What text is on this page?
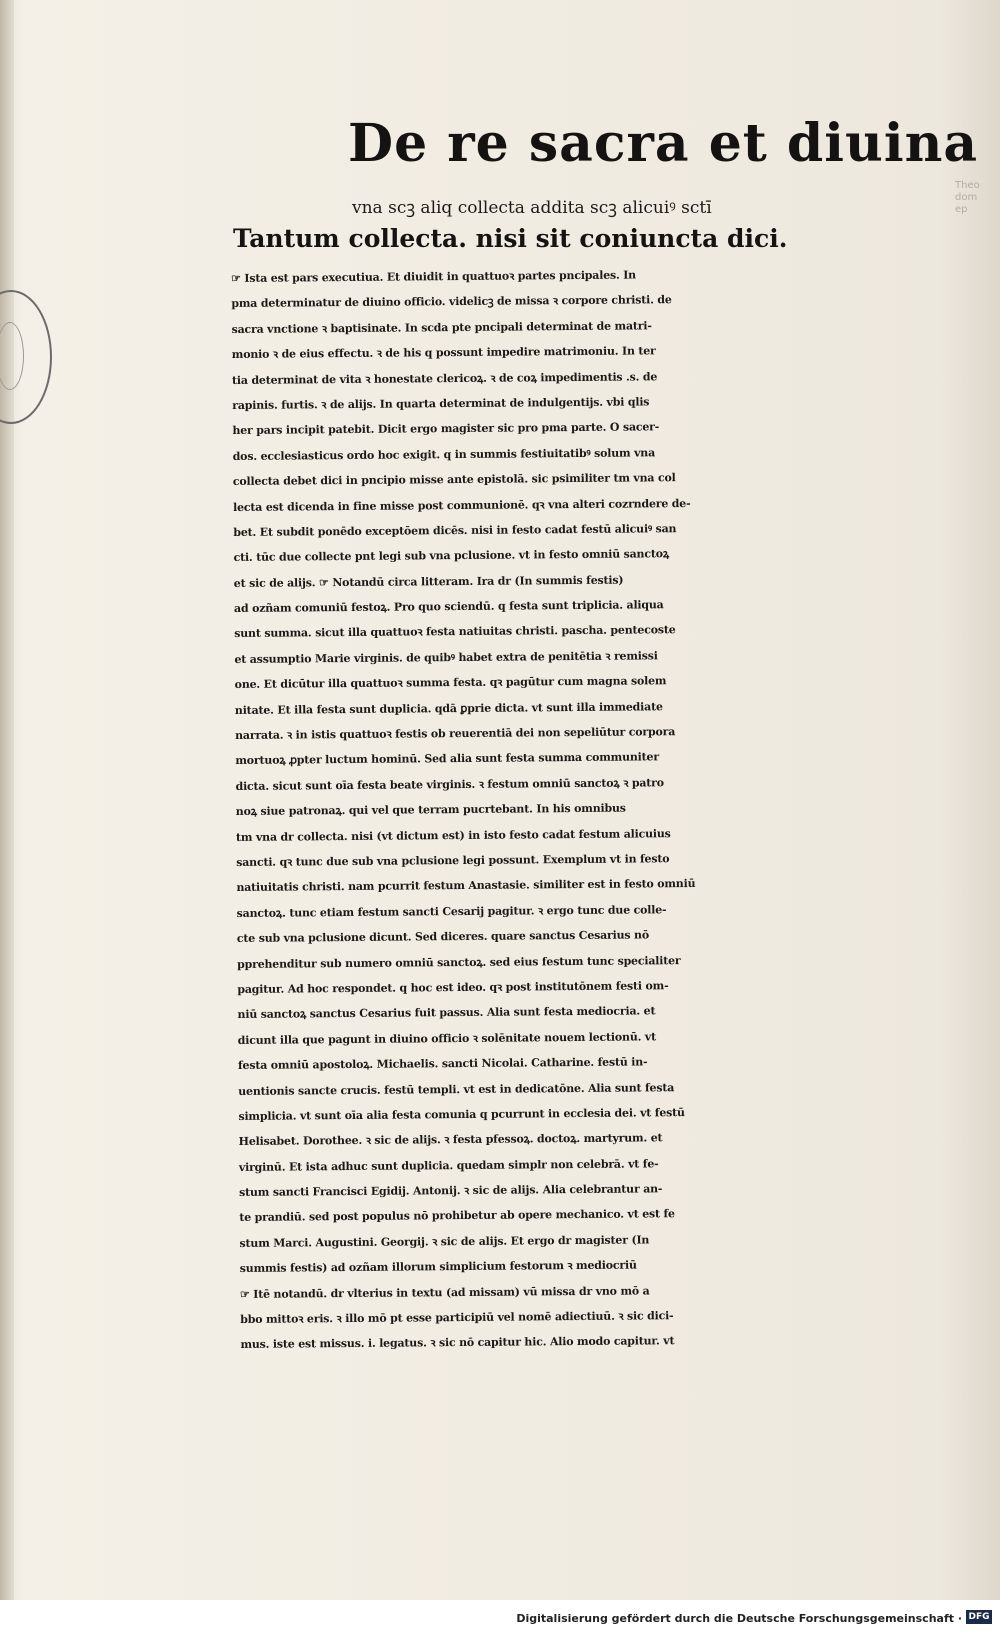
Theo
dom
ep
De re sacra et diuina
vna scꝫ aliq collecta addita scꝫ alicuiꝰ sctī
Tantum collecta. nisi sit coniuncta dici.
☞ Ista est pars executiua. Et diuidit in quattuoꝛ partes pncipales. In
pma determinatur de diuino officio. videlicꝫ de missa ꝛ corpore christi. de
sacra vnctione ꝛ baptisinate. In scda pte pncipali determinat de matri-
monio ꝛ de eius effectu. ꝛ de his q possunt impedire matrimoniu. In ter
tia determinat de vita ꝛ honestate clericoꝝ. ꝛ de coꝝ impedimentis .s. de
rapinis. furtis. ꝛ de alijs. In quarta determinat de indulgentijs. vbi qlis
her pars incipit patebit. Dicit ergo magister sic pro pma parte. O sacer-
dos. ecclesiasticus ordo hoc exigit. q in summis festiuitatibꝰ solum vna
collecta debet dici in pncipio misse ante epistolā. sic psimiliter tm vna col
lecta est dicenda in fine misse post communionē. qꝛ vna alteri cozrndere de-
bet. Et subdit ponēdo exceptōem dicēs. nisi in festo cadat festū alicuiꝰ san
cti. tūc due collecte pnt legi sub vna pclusione. vt in festo omniū sanctoꝝ
et sic de alijs. ☞ Notandū circa litteram. Ira dr (In summis festis)
ad ozñam comuniū festoꝝ. Pro quo sciendū. q festa sunt triplicia. aliqua
sunt summa. sicut illa quattuoꝛ festa natiuitas christi. pascha. pentecoste
et assumptio Marie virginis. de quibꝰ habet extra de penitētia ꝛ remissi
one. Et dicūtur illa quattuoꝛ summa festa. qꝛ pagūtur cum magna solem
nitate. Et illa festa sunt duplicia. qdā ꝑprie dicta. vt sunt illa immediate
narrata. ꝛ in istis quattuoꝛ festis ob reuerentiā dei non sepeliūtur corpora
mortuoꝝ ꝓpter luctum hominū. Sed alia sunt festa summa communiter
dicta. sicut sunt oīa festa beate virginis. ꝛ festum omniū sanctoꝝ ꝛ patro
noꝝ siue patronaꝝ. qui vel que terram pucrtebant. In his omnibus
tm vna dr collecta. nisi (vt dictum est) in isto festo cadat festum alicuius
sancti. qꝛ tunc due sub vna pclusione legi possunt. Exemplum vt in festo
natiuitatis christi. nam pcurrit festum Anastasie. similiter est in festo omniū
sanctoꝝ. tunc etiam festum sancti Cesarij pagitur. ꝛ ergo tunc due colle-
cte sub vna pclusione dicunt. Sed diceres. quare sanctus Cesarius nō
pprehenditur sub numero omniū sanctoꝝ. sed eius festum tunc specialiter
pagitur. Ad hoc respondet. q hoc est ideo. qꝛ post institutōnem festi om-
niū sanctoꝝ sanctus Cesarius fuit passus. Alia sunt festa mediocria. et
dicunt illa que pagunt in diuino officio ꝛ solēnitate nouem lectionū. vt
festa omniū apostoloꝝ. Michaelis. sancti Nicolai. Catharine. festū in-
uentionis sancte crucis. festū templi. vt est in dedicatōne. Alia sunt festa
simplicia. vt sunt oīa alia festa comunia q pcurrunt in ecclesia dei. vt festū
Helisabet. Dorothee. ꝛ sic de alijs. ꝛ festa pfessoꝝ. doctoꝝ. martyrum. et
virginū. Et ista adhuc sunt duplicia. quedam simplr non celebrā. vt fe-
stum sancti Francisci Egidij. Antonij. ꝛ sic de alijs. Alia celebrantur an-
te prandiū. sed post populus nō prohibetur ab opere mechanico. vt est fe
stum Marci. Augustini. Georgij. ꝛ sic de alijs. Et ergo dr magister (In
summis festis) ad ozñam illorum simplicium festorum ꝛ mediocriū
☞ Itē notandū. dr vlterius in textu (ad missam) vū missa dr vno mō a
bbo mittoꝛ eris. ꝛ illo mō pt esse participiū vel nomē adiectiuū. ꝛ sic dici-
mus. iste est missus. i. legatus. ꝛ sic nō capitur hic. Alio modo capitur. vt
Digitalisierung gefördert durch die Deutsche Forschungsgemeinschaft · DFG
